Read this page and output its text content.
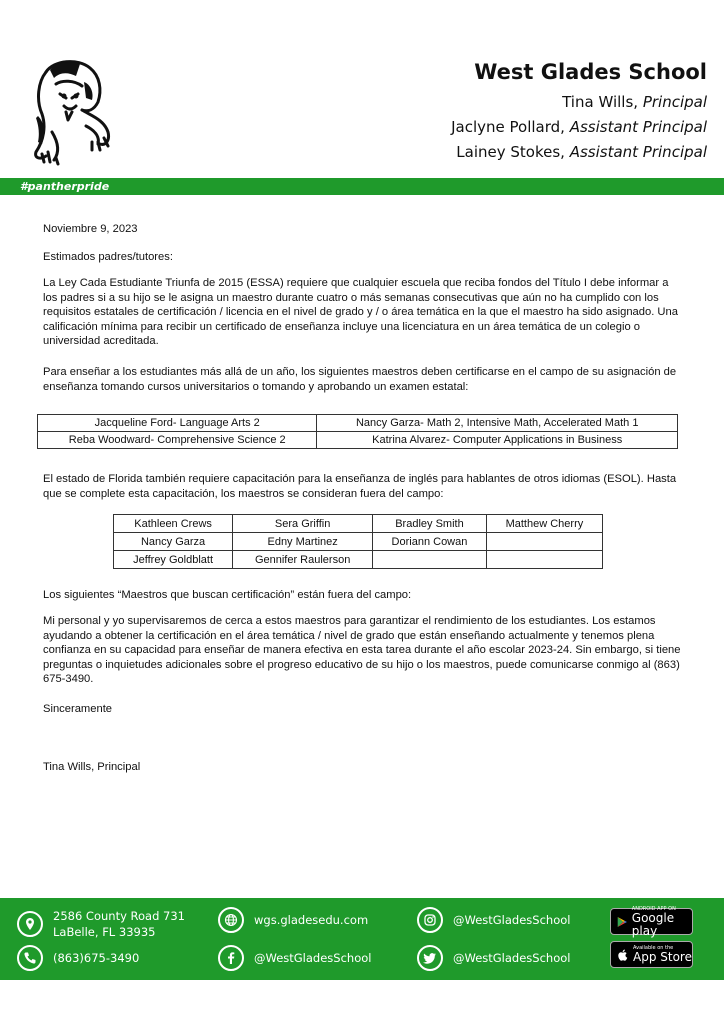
West Glades School
Tina Wills, Principal
Jaclyne Pollard, Assistant Principal
Lainey Stokes, Assistant Principal
#pantherpride
Noviembre 9, 2023
Estimados padres/tutores:
La Ley Cada Estudiante Triunfa de 2015 (ESSA) requiere que cualquier escuela que reciba fondos del Título I debe informar a los padres si a su hijo se le asigna un maestro durante cuatro o más semanas consecutivas que aún no ha cumplido con los requisitos estatales de certificación / licencia en el nivel de grado y / o área temática en la que el maestro ha sido asignado. Una calificación mínima para recibir un certificado de enseñanza incluye una licenciatura en un área temática de un colegio o universidad acreditada.
Para enseñar a los estudiantes más allá de un año, los siguientes maestros deben certificarse en el campo de su asignación de enseñanza tomando cursos universitarios o tomando y aprobando un examen estatal:
Jacqueline Ford- Language Arts 2	Nancy Garza- Math 2, Intensive Math, Accelerated Math 1
Reba Woodward- Comprehensive Science 2	Katrina Alvarez- Computer Applications in Business
El estado de Florida también requiere capacitación para la enseñanza de inglés para hablantes de otros idiomas (ESOL). Hasta que se complete esta capacitación, los maestros se consideran fuera del campo:
Kathleen Crews	Sera Griffin	Bradley Smith	Matthew Cherry
Nancy Garza	Edny Martinez	Doriann Cowan	
Jeffrey Goldblatt	Gennifer Raulerson		
Los siguientes “Maestros que buscan certificación” están fuera del campo:
Mi personal y yo supervisaremos de cerca a estos maestros para garantizar el rendimiento de los estudiantes. Los estamos ayudando a obtener la certificación en el área temática / nivel de grado que están enseñando actualmente y tenemos plena confianza en su capacidad para enseñar de manera efectiva en esta tarea durante el año escolar 2023-24. Sin embargo, si tiene preguntas o inquietudes adicionales sobre el progreso educativo de su hijo o los maestros, puede comunicarse conmigo al (863) 675-3490.
Sinceramente
Tina Wills, Principal
2586 County Road 731
LaBelle, FL 33935
(863)675-3490
wgs.gladesedu.com
@WestGladesSchool
@WestGladesSchool
@WestGladesSchool
ANDROID APP ON
Google play
Available on the
App Store
